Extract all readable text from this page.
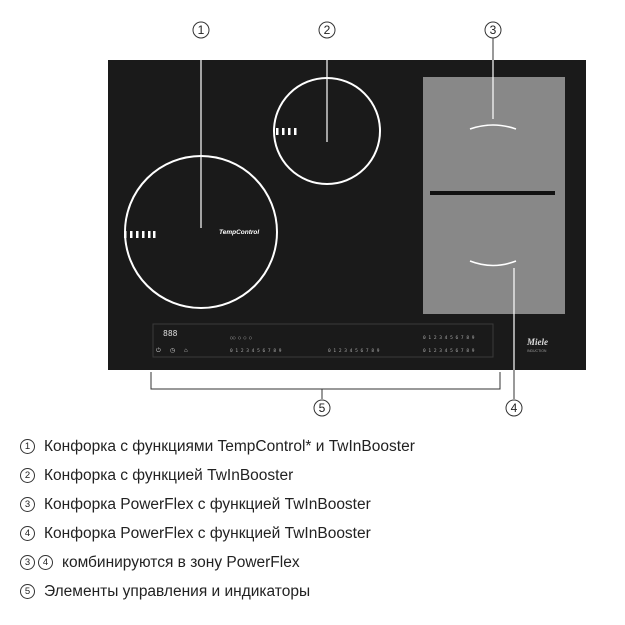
TempControl
888
⏻ ◷ ⌂
○○ ○ ○ ○
0 1 2 3 4 5 6 7 8 9	0 1 2 3 4 5 6 7 8 9
0 1 2 3 4 5 6 7 8 9
0 1 2 3 4 5 6 7 8 9
Miele
INDUCTION
1	2	3
4
5
1 Конфорка с функциями TempControl* и TwInBooster
2 Конфорка с функцией TwInBooster
3 Конфорка PowerFlex с функцией TwInBooster
4 Конфорка PowerFlex с функцией TwInBooster
3	4 комбинируются в зону PowerFlex
5 Элементы управления и индикаторы
